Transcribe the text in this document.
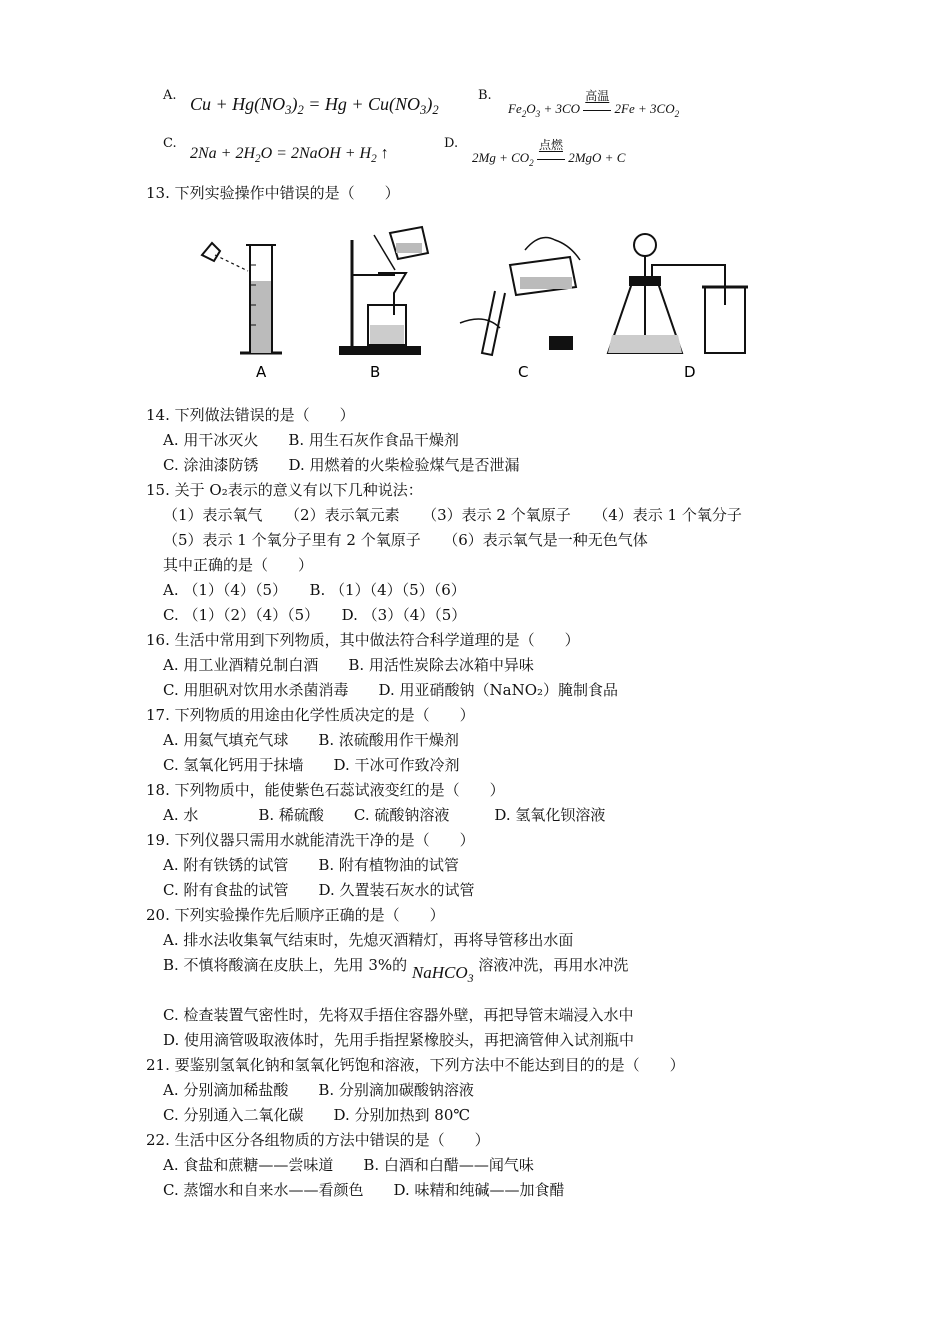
A. $Cu + Hg(NO_3)_2 = Hg + Cu(NO_3)_2$
B.
$Fe_2O_3 + 3CO$
高温
$2Fe + 3CO_2$
C.
$2Na + 2H_2O$ = 2NaOH + $H_2$ ↑
D.
$2Mg + CO_2$
点燃
2MgO + C
13. 下列实验操作中错误的是（　　）
A	B	C	D
14. 下列做法错误的是（　　）
A. 用干冰灭火　　B. 用生石灰作食品干燥剂
C. 涂油漆防锈　　D. 用燃着的火柴检验煤气是否泄漏
15. 关于 O₂表示的意义有以下几种说法：
（1）表示氧气　　（2）表示氧元素　　（3）表示 2 个氧原子　　（4）表示 1 个氧分子
（5）表示 1 个氧分子里有 2 个氧原子　　（6）表示氧气是一种无色气体
其中正确的是（　　）
A. （1）（4）（5）　　B. （1）（4）（5）（6）
C. （1）（2）（4）（5）　　D. （3）（4）（5）
16. 生活中常用到下列物质，其中做法符合科学道理的是（　　）
A. 用工业酒精兑制白酒　　B. 用活性炭除去冰箱中异味
C. 用胆矾对饮用水杀菌消毒　　D. 用亚硝酸钠（NaNO₂）腌制食品
17. 下列物质的用途由化学性质决定的是（　　）
A. 用氦气填充气球　　B. 浓硫酸用作干燥剂
C. 氢氧化钙用于抹墙　　D. 干冰可作致冷剂
18. 下列物质中，能使紫色石蕊试液变红的是（　　）
A. 水　　　　B. 稀硫酸　　C. 硫酸钠溶液　　　D. 氢氧化钡溶液
19. 下列仪器只需用水就能清洗干净的是（　　）
A. 附有铁锈的试管　　B. 附有植物油的试管
C. 附有食盐的试管　　D. 久置装石灰水的试管
20. 下列实验操作先后顺序正确的是（　　）
A. 排水法收集氧气结束时，先熄灭酒精灯，再将导管移出水面
B. 不慎将酸滴在皮肤上，先用 3%的 NaHCO$_3$ 溶液冲洗，再用水冲洗
C. 检查装置气密性时，先将双手捂住容器外壁，再把导管末端浸入水中
D. 使用滴管吸取液体时，先用手指捏紧橡胶头，再把滴管伸入试剂瓶中
21. 要鉴别氢氧化钠和氢氧化钙饱和溶液，下列方法中不能达到目的的是（　　）
A. 分别滴加稀盐酸　　B. 分别滴加碳酸钠溶液
C. 分别通入二氧化碳　　D. 分别加热到 80℃
22. 生活中区分各组物质的方法中错误的是（　　）
A. 食盐和蔗糖——尝味道　　B. 白酒和白醋——闻气味
C. 蒸馏水和自来水——看颜色　　D. 味精和纯碱——加食醋
